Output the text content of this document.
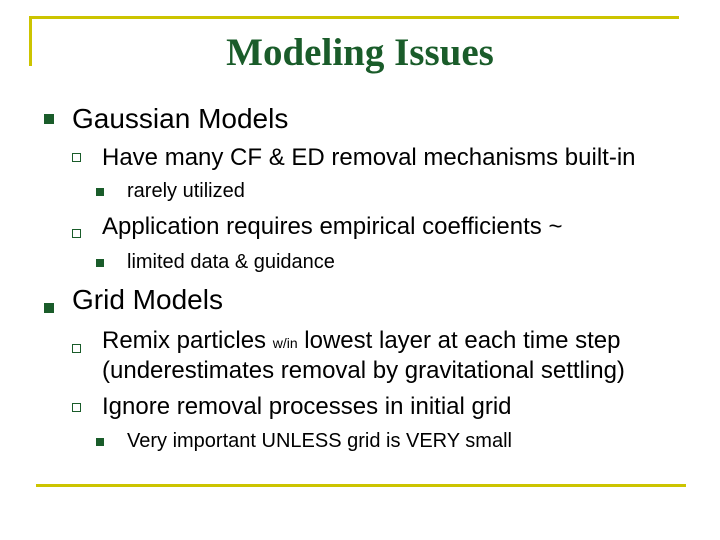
Modeling Issues
Gaussian Models
Have many CF & ED removal mechanisms built-in
rarely utilized
Application requires empirical coefficients ~
limited data & guidance
Grid Models
Remix particles w/in lowest layer at each time step
(underestimates removal by gravitational settling)
Ignore removal processes in initial grid
Very important UNLESS grid is VERY small
